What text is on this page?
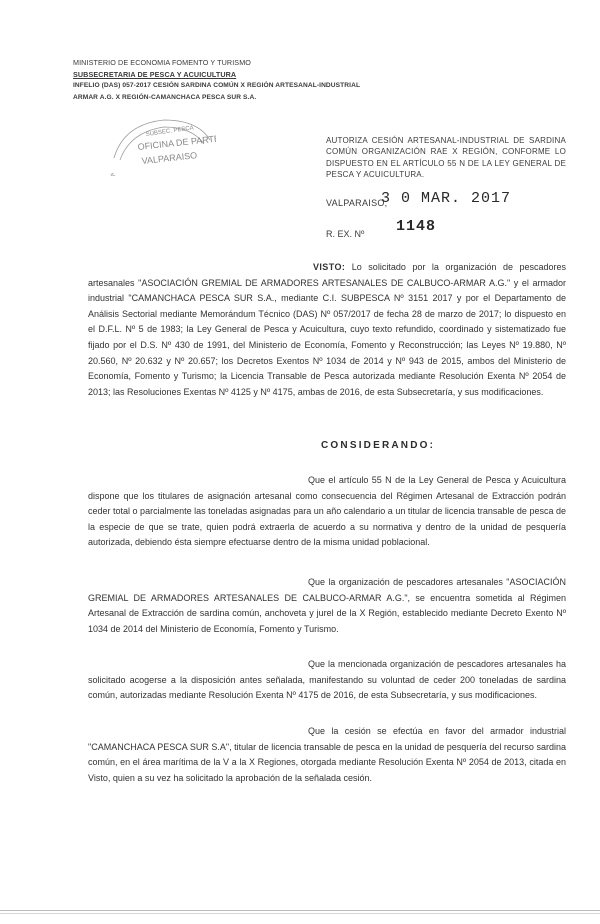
MINISTERIO DE ECONOMIA FOMENTO Y TURISMO
SUBSECRETARIA DE PESCA Y ACUICULTURA
INFELIO (DAS) 057-2017 CESIÓN SARDINA COMÚN X REGIÓN ARTESANAL-INDUSTRIAL
ARMAR A.G. X REGIÓN-CAMANCHACA PESCA SUR S.A.
SUBSEC. PESCA
OFICINA DE PARTES
VALPARAISO
AUTORIZA CESIÓN ARTESANAL-INDUSTRIAL DE SARDINA COMÚN ORGANIZACIÓN RAE X REGIÓN, CONFORME LO DISPUESTO EN EL ARTÍCULO 55 N DE LA LEY GENERAL DE PESCA Y ACUICULTURA.
VALPARAISO,
3 0 MAR. 2017
R. EX. Nº 1148
VISTO: Lo solicitado por la organización de pescadores artesanales "ASOCIACIÓN GREMIAL DE ARMADORES ARTESANALES DE CALBUCO-ARMAR A.G." y el armador industrial "CAMANCHACA PESCA SUR S.A., mediante C.I. SUBPESCA Nº 3151 2017 y por el Departamento de Análisis Sectorial mediante Memorándum Técnico (DAS) Nº 057/2017 de fecha 28 de marzo de 2017; lo dispuesto en el D.F.L. Nº 5 de 1983; la Ley General de Pesca y Acuicultura, cuyo texto refundido, coordinado y sistematizado fue fijado por el D.S. Nº 430 de 1991, del Ministerio de Economía, Fomento y Reconstrucción; las Leyes Nº 19.880, Nº 20.560, Nº 20.632 y Nº 20.657; los Decretos Exentos Nº 1034 de 2014 y Nº 943 de 2015, ambos del Ministerio de Economía, Fomento y Turismo; la Licencia Transable de Pesca autorizada mediante Resolución Exenta Nº 2054 de 2013; las Resoluciones Exentas Nº 4125 y Nº 4175, ambas de 2016, de esta Subsecretaría, y sus modificaciones.
CONSIDERANDO:
Que el artículo 55 N de la Ley General de Pesca y Acuicultura dispone que los titulares de asignación artesanal como consecuencia del Régimen Artesanal de Extracción podrán ceder total o parcialmente las toneladas asignadas para un año calendario a un titular de licencia transable de pesca de la especie de que se trate, quien podrá extraerla de acuerdo a su normativa y dentro de la unidad de pesquería autorizada, debiendo ésta siempre efectuarse dentro de la misma unidad poblacional.
Que la organización de pescadores artesanales "ASOCIACIÓN GREMIAL DE ARMADORES ARTESANALES DE CALBUCO-ARMAR A.G.", se encuentra sometida al Régimen Artesanal de Extracción de sardina común, anchoveta y jurel de la X Región, establecido mediante Decreto Exento Nº 1034 de 2014 del Ministerio de Economía, Fomento y Turismo.
Que la mencionada organización de pescadores artesanales ha solicitado acogerse a la disposición antes señalada, manifestando su voluntad de ceder 200 toneladas de sardina común, autorizadas mediante Resolución Exenta Nº 4175 de 2016, de esta Subsecretaría, y sus modificaciones.
Que la cesión se efectúa en favor del armador industrial "CAMANCHACA PESCA SUR S.A", titular de licencia transable de pesca en la unidad de pesquería del recurso sardina común, en el área marítima de la V a la X Regiones, otorgada mediante Resolución Exenta Nº 2054 de 2013, citada en Visto, quien a su vez ha solicitado la aprobación de la señalada cesión.
